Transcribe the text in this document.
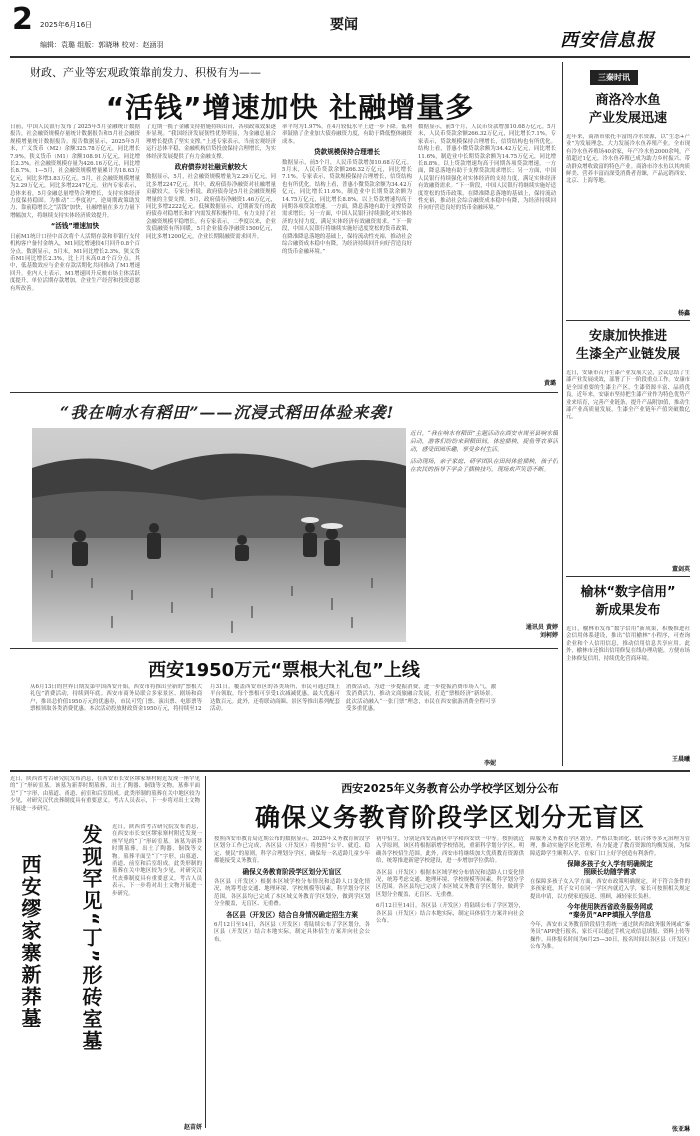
2 2025年6月16日
编辑：袁璐 组版：郭晓琳 校对：赵涵羽
要闻
西安信息报
财政、产业等宏观政策靠前发力、积极有为——
“活钱”增速加快 社融增量多
日前，中国人民银行发布了2025年5月金融统计数据报告，社会融资规模存量统计数据报告和5月社会融资规模增量统计数据报告。报告数据显示，2025年5月末，广义货币（M2）余额325.78万亿元，同比增长7.9%。狭义货币（M1）余额108.91万亿元，同比增长2.3%。社会融资规模存量为426.16万亿元，同比增长8.7%。1—5月，社会融资规模增量累计为18.63万亿元，同比多增3.83万亿元。5月，社会融资规模增量为2.29万亿元，同比多增2247亿元。业内专家表示，总体来看，5月金融总量增势合理增长，支持实体经济力度保持稳固。为推动“二季度初”，逆周期政策助发力，靠前稳增长之“活钱”加快，社融增量在多方力量下增幅加大，将继续支持实体经济质效提升。
“活钱”增速加快
日前M1统计口径中首次将个人活期存款和非银行支付机构客户备付金纳入，M1同比增速较4月回升0.8个百分点。数据显示，5月末，M1同比增长2.3%，狭义货币M1同比增长2.3%，比上月末高0.8个百分点。其中，低基数效应与企业存款活期化共同推动了M1增速回升。业内人士表示，M1增速回升反映市场主体活跃度提升，单位活期存款增加，企业生产经营和投资意愿有所改善。
了近期一揽子金融支持措施持续出台，各项政策效果逐步显现。“我国经济发展韧性优势明显，为金融总量合理增长提供了坚实支撑。”上述专家表示，当前宏观经济运行总体平稳，金融机构信贷投放保持合理增长，为实体经济发展提供了有力金融支撑。
政府债券对社融贡献较大
数据显示，5月，社会融资规模增量为2.29万亿元，同比多增2247亿元。其中，政府债券净融资对社融增量贡献较大。专家分析说，政府债券是5月社会融资规模增量的主要支撑。5月，政府债券净融资1.46万亿元，同比多增2222亿元。低频数据显示，近期新发行的政府债券对稳增长和扩内需发挥积极作用，有力支持了社会融资规模平稳增长。有专家表示，二季度以来，企业发债融资有所回暖，5月企业债券净融资1500亿元，同比多增1200亿元，企业长期限融资需求回升。
率平均为1.97%，在4月较低水平上进一步下降。低利率鼓励了企业加大债券融资力度，有助于降低整体融资成本。
贷款规模保持合理增长
数据显示，前5个月，人民币贷款增加10.68万亿元。5月末，人民币贷款余额266.32万亿元，同比增长7.1%。专家表示，贷款规模保持合理增长，信贷结构也有所优化。结构上看，普惠小微贷款余额为34.42万亿元，同比增长11.6%，制造业中长期贷款余额为14.75万亿元，同比增长8.8%。以上贷款增速均高于同期各项贷款增速。一方面，降息落地有助于支撑贷款需求增长；另一方面，中国人民银行持续强化对实体经济的支持力度，满足实体经济有效融资需求。“下一阶段，中国人民银行将继续实施好适度宽松的货币政策，在降准降息落地的基础上，保持流动性充裕，推动社会综合融资成本稳中有降，为经济持续回升向好营造良好的货币金融环境。”
数据显示，前5个月，人民币贷款增加10.68万亿元。5月末，人民币贷款余额266.32万亿元，同比增长7.1%。专家表示，贷款规模保持合理增长，信贷结构也有所优化。结构上看，普惠小微贷款余额为34.42万亿元，同比增长11.6%，制造业中长期贷款余额为14.75万亿元，同比增长8.8%。以上贷款增速均高于同期各项贷款增速。一方面，降息落地有助于支撑贷款需求增长；另一方面，中国人民银行持续强化对实体经济的支持力度，满足实体经济有效融资需求。“下一阶段，中国人民银行将继续实施好适度宽松的货币政策，在降准降息落地的基础上，保持流动性充裕，推动社会综合融资成本稳中有降，为经济持续回升向好营造良好的货币金融环境。”
黄璐
“我在响水有稻田”——沉浸式稻田体验来袭!
近日，“我在响水有稻田”主题活动在西安市周至县响水镇启动，游客们纷纷来到稻田间，体验插秧、捉鱼等农事活动，感受田园乐趣，享受乡村生活。
活动现场，亲子家庭、研学团队在田间体验插秧，孩子们在农民的指导下学会了插秧技巧，现场欢声笑语不断。
通讯员 黄婷
刘柯婷
西安1950万元“票根大礼包”上线
从6月13日的世界日期发第中国西安开始，西安市将推出全新的“票根大礼包”消费活动，持续到年底。西安市商务局联合多家景区、剧场和商户，推出总价值1950万元的优惠券，市民可凭门票、演出票、电影票等票根领取各类消费优惠。本次活动投放财政资金1950万元，将持续至12
月31日。覆盖西安市区的各类场所，市民可通过线上平台领取。每个票根可享受1次减减优惠，最大优惠可达数百元。此外，还将联动商圈、景区等推出系列配套活动。
消费活动，为进一步提振消费，进一步提振消费市场人气，激发消费活力，推动文商旅融合发展，打造“票根经济”新场景。此次活动融入“一张门票”理念，市民在西安旅游消费全程可享受多重优惠。
李妮
近日，陕西省考古研究院发布消息，在西安市长安区缪家寨村附近发现一座罕见的“丁”形砖室墓。该墓为新莽时期墓葬，出土了陶器、铜钱等文物。墓葬平面呈“丁”字形，由墓道、甬道、前室和后室组成。此类形制的墓葬在关中地区较为少见，对研究汉代丧葬制度具有重要意义。考古人员表示，下一步将对出土文物开展进一步研究。
发现罕见“丁”形砖室墓
西安缪家寨新莽墓
近日，陕西省考古研究院发布消息，在西安市长安区缪家寨村附近发现一座罕见的“丁”形砖室墓。该墓为新莽时期墓葬，出土了陶器、铜钱等文物。墓葬平面呈“丁”字形，由墓道、甬道、前室和后室组成。此类形制的墓葬在关中地区较为少见，对研究汉代丧葬制度具有重要意义。考古人员表示，下一步将对出土文物开展进一步研究。
赵苗妍
西安2025年义务教育公办学校学区划分公布
确保义务教育阶段学区划分无盲区
按照西安市教育局近期公布的数据显示，2025年义务教育阶段学区划分工作已完成，各区县（开发区）将按照“公平、就近、稳定、便民”的原则，科学合理划分学区，确保每一名适龄儿童少年都能接受义务教育。
确保义务教育阶段学区划分无盲区
各区县（开发区）根据本区域学校分布情况和适龄人口变化情况，统筹考虑交通、地理环境、学校规模等因素，科学划分学区范围。各区县均已完成了本区域义务教育学区划分，做到学区划分全覆盖，无盲区、无重叠。
各区县（开发区）结合自身情况确定招生方案
6月12日至14日，各区县（开发区）将陆续公布了学区划分，各区县（开发区）结合本地实际，制定具体招生方案并向社会公布。
初中招生，分别是西安高新区中学和西安铁一中等。按照就近入学原则，该区将根据新增学校情况，重新科学划分学区，明确各学校招生范围。此外，西安市将继续加大优质教育资源供给，统筹推进新建学校建设，进一步增加学位供给。
各区县（开发区）根据本区域学校分布情况和适龄人口变化情况，统筹考虑交通、地理环境、学校规模等因素，科学划分学区范围。各区县均已完成了本区域义务教育学区划分，做到学区划分全覆盖，无盲区、无重叠。
6月12日至14日，各区县（开发区）将陆续公布了学区划分，各区县（开发区）结合本地实际，制定具体招生方案并向社会公布。
障服务义务教育学区划分。严格以集团化、联合体等多元治理为管理，推动实施学区化管理，有力促进了教育资源的均衡发展，为保障适龄学生顺利入学、在家门口上好学创造有利条件。
保障多孩子女入学有明确规定
照顾长幼随学需求
在保障多孩子女入学方面，西安市政策明确规定，对于符合条件的多孩家庭，其子女可在同一学区内就近入学，家长可按照相关规定提出申请，以方便家庭接送、照顾，减轻家长负担。
今年使用陕西省政务服务网或
“秦务员”APP填报入学信息
今年，西安市义务教育阶段招生将统一通过陕西省政务服务网或“秦务员”APP进行报名，家长可以通过手机完成信息填报、资料上传等操作。具体报名时间为6月25—30日，报名时间以各区县（开发区）公布为准。
张亚琳
三秦时讯
商洛冷水鱼
产业发展迅速
近年来，商洛市依托丰富的冷水资源，以“生态+产业”为发展理念，大力发展冷水鱼养殖产业。全市现有冷水鱼养殖场40余家，年产冷水鱼2000余吨，产值超过1亿元。冷水鱼养殖已成为助力乡村振兴、带动群众增收致富的特色产业。商洛市冷水鱼以其肉质鲜美、营养丰富而深受消费者青睐，产品远销西安、北京、上海等地。
杨鑫
安康加快推进
生漆全产业链发展
近日，安康市召开生漆产业发展大会，会议总结了生漆产业发展成效，部署了下一阶段重点工作。安康市是全国重要的生漆主产区，生漆资源丰富、品质优良。近年来，安康市坚持把生漆产业作为特色优势产业来培育，完善产业链条，提升产品附加值，推动生漆产业高质量发展，生漆全产业链年产值突破数亿元。
董剑英
榆林“数字信用”
新成果发布
近日，榆林市发布“数字信用”新成果，积极推进社会信用体系建设，推出“信用榆林”小程序，可查询企业和个人信用信息，推动信用信息共享应用。此外，榆林市还推出信用修复在线办理功能，方便市场主体修复信用，持续优化营商环境。
王晨曦
